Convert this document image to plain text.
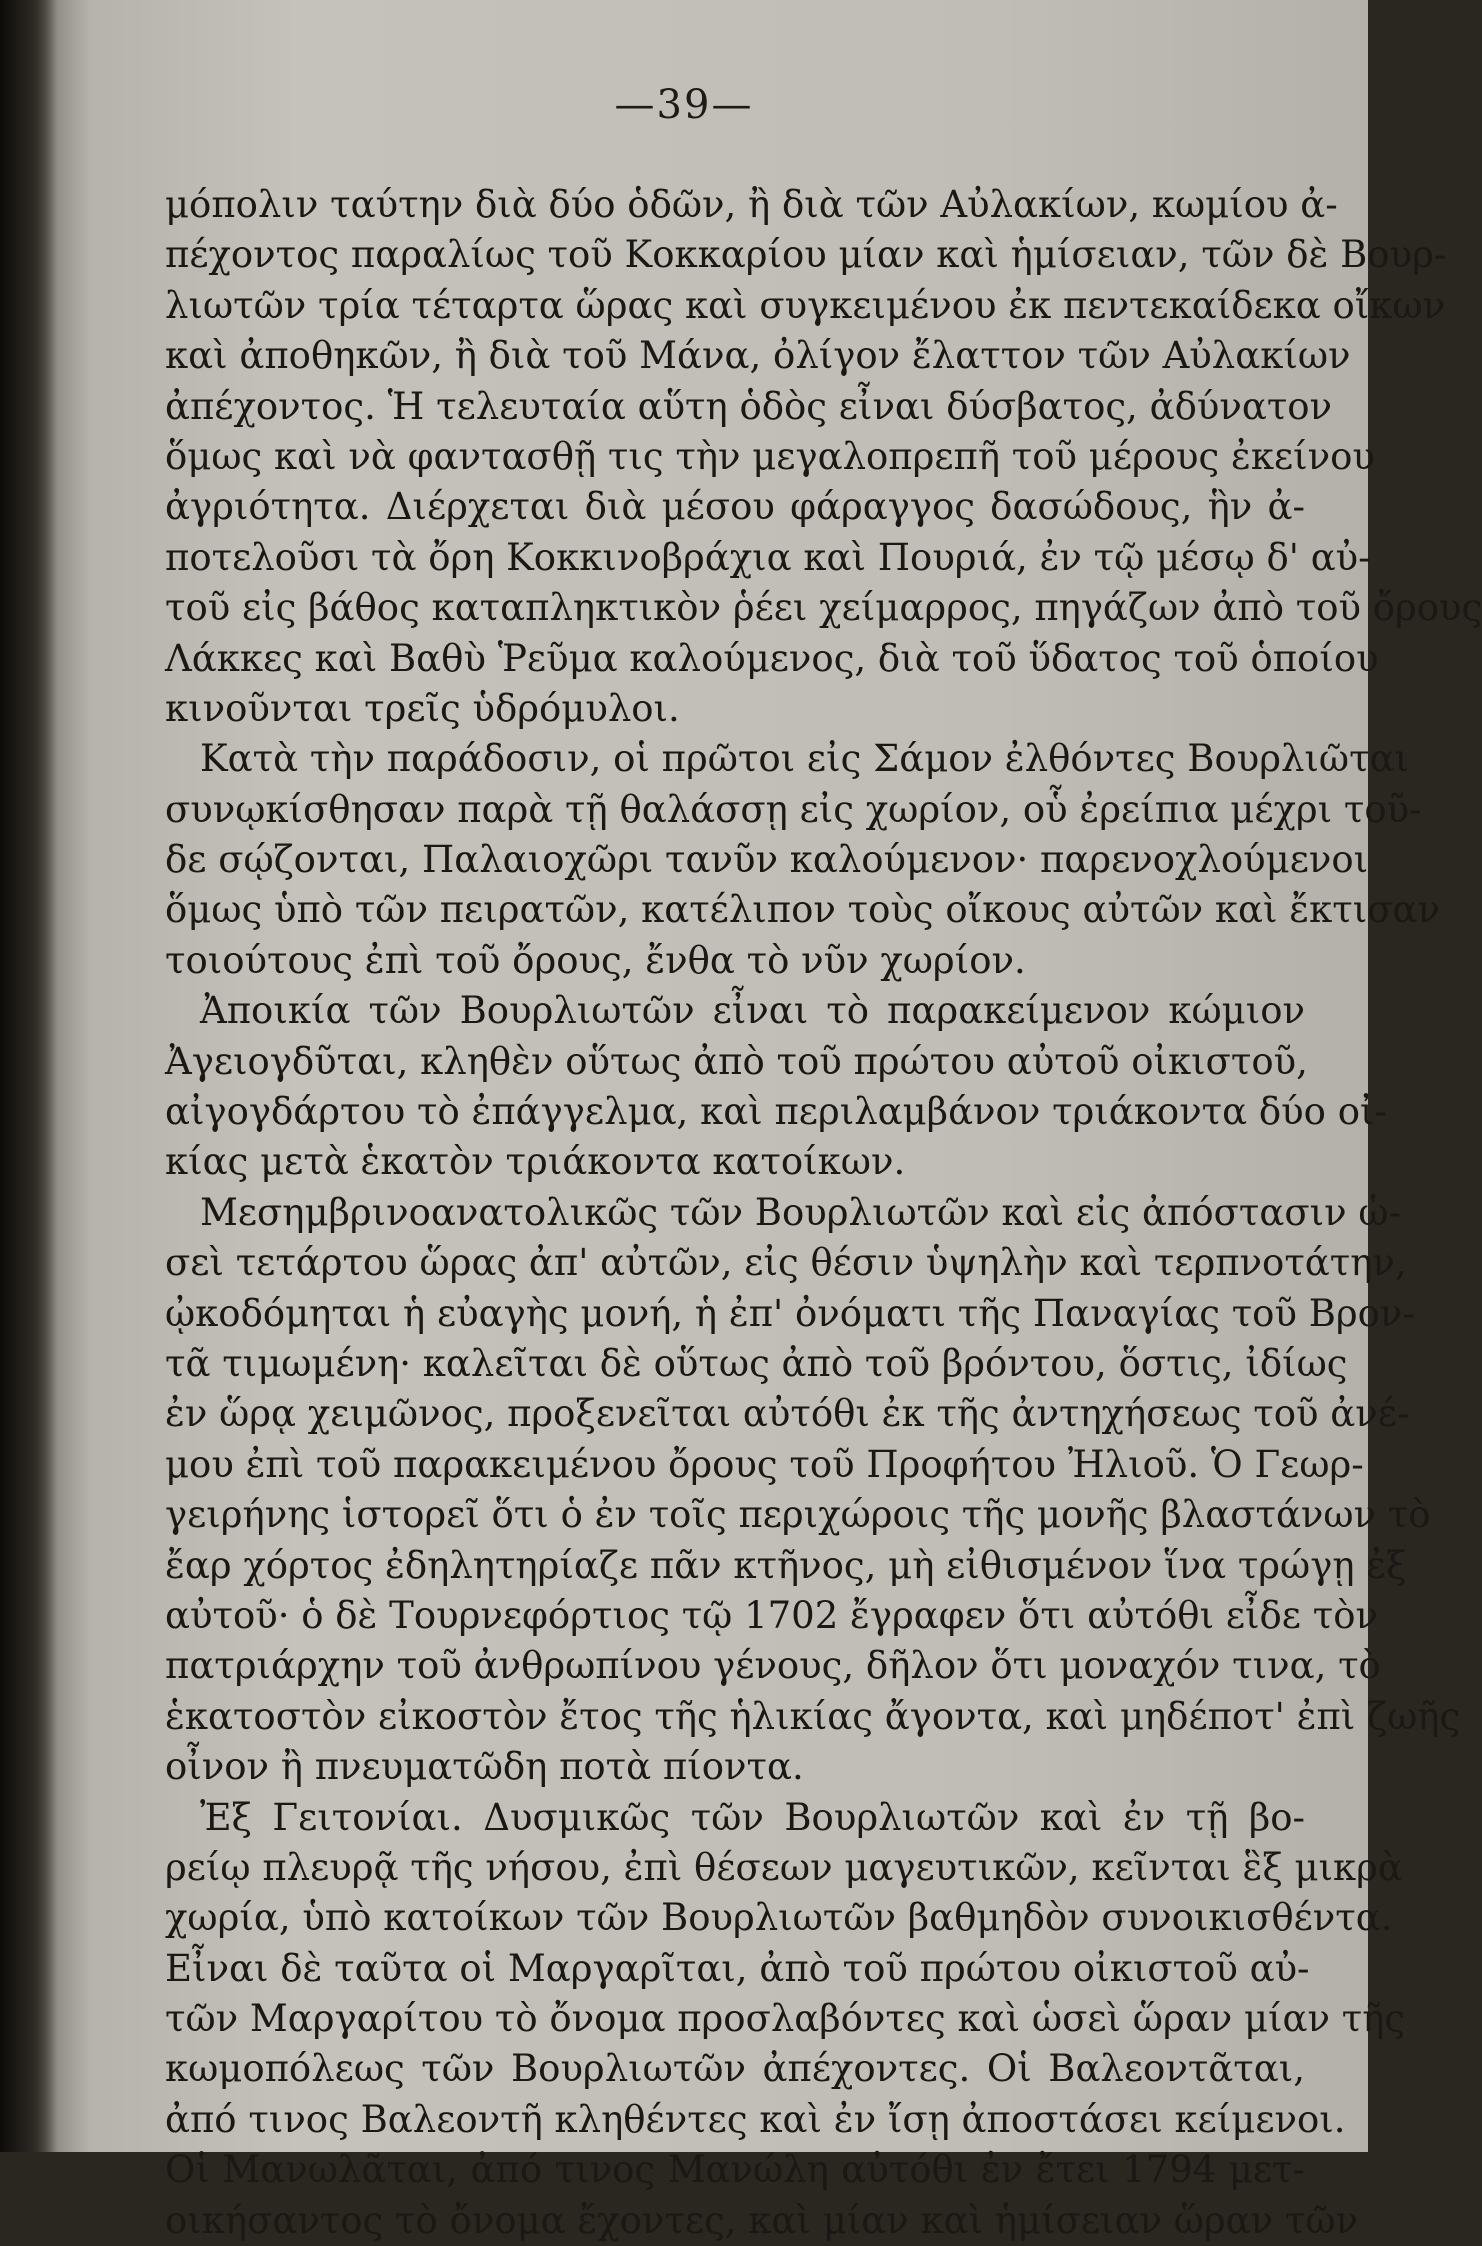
—39—
μόπολιν ταύτην διὰ δύο ὁδῶν, ἢ διὰ τῶν Αὐλακίων, κωμίου ἀ-
πέχοντος παραλίως τοῦ Κοκκαρίου μίαν καὶ ἡμίσειαν, τῶν δὲ Βουρ-
λιωτῶν τρία τέταρτα ὥρας καὶ συγκειμένου ἐκ πεντεκαίδεκα οἴκων
καὶ ἀποθηκῶν, ἢ διὰ τοῦ Μάνα, ὀλίγον ἔλαττον τῶν Αὐλακίων
ἀπέχοντος. Ἡ τελευταία αὕτη ὁδὸς εἶναι δύσβατος, ἀδύνατον
ὅμως καὶ νὰ φαντασθῇ τις τὴν μεγαλοπρεπῆ τοῦ μέρους ἐκείνου
ἀγριότητα. Διέρχεται διὰ μέσου φάραγγος δασώδους, ἣν ἀ-
ποτελοῦσι τὰ ὄρη Κοκκινοβράχια καὶ Πουριά, ἐν τῷ μέσῳ δ' αὐ-
τοῦ εἰς βάθος καταπληκτικὸν ῥέει χείμαρρος, πηγάζων ἀπὸ τοῦ ὄρους
Λάκκες καὶ Βαθὺ Ῥεῦμα καλούμενος, διὰ τοῦ ὕδατος τοῦ ὁποίου
κινοῦνται τρεῖς ὑδρόμυλοι.
Κατὰ τὴν παράδοσιν, οἱ πρῶτοι εἰς Σάμον ἐλθόντες Βουρλιῶται
συνῳκίσθησαν παρὰ τῇ θαλάσσῃ εἰς χωρίον, οὗ ἐρείπια μέχρι τοῦ-
δε σῴζονται, Παλαιοχῶρι τανῦν καλούμενον· παρενοχλούμενοι
ὅμως ὑπὸ τῶν πειρατῶν, κατέλιπον τοὺς οἴκους αὐτῶν καὶ ἔκτισαν
τοιούτους ἐπὶ τοῦ ὄρους, ἔνθα τὸ νῦν χωρίον.
Ἀποικία τῶν Βουρλιωτῶν εἶναι τὸ παρακείμενον κώμιον
Ἀγειογδῦται, κληθὲν οὕτως ἀπὸ τοῦ πρώτου αὐτοῦ οἰκιστοῦ,
αἰγογδάρτου τὸ ἐπάγγελμα, καὶ περιλαμβάνον τριάκοντα δύο οἰ-
κίας μετὰ ἑκατὸν τριάκοντα κατοίκων.
Μεσημβρινοανατολικῶς τῶν Βουρλιωτῶν καὶ εἰς ἀπόστασιν ὡ-
σεὶ τετάρτου ὥρας ἀπ' αὐτῶν, εἰς θέσιν ὑψηλὴν καὶ τερπνοτάτην,
ᾠκοδόμηται ἡ εὐαγὴς μονή, ἡ ἐπ' ὀνόματι τῆς Παναγίας τοῦ Βρον-
τᾶ τιμωμένη· καλεῖται δὲ οὕτως ἀπὸ τοῦ βρόντου, ὅστις, ἰδίως
ἐν ὥρᾳ χειμῶνος, προξενεῖται αὐτόθι ἐκ τῆς ἀντηχήσεως τοῦ ἀνέ-
μου ἐπὶ τοῦ παρακειμένου ὄρους τοῦ Προφήτου Ἠλιοῦ. Ὁ Γεωρ-
γειρήνης ἱστορεῖ ὅτι ὁ ἐν τοῖς περιχώροις τῆς μονῆς βλαστάνων τὸ
ἔαρ χόρτος ἐδηλητηρίαζε πᾶν κτῆνος, μὴ εἰθισμένον ἵνα τρώγῃ ἐξ
αὐτοῦ· ὁ δὲ Τουρνεφόρτιος τῷ 1702 ἔγραφεν ὅτι αὐτόθι εἶδε τὸν
πατριάρχην τοῦ ἀνθρωπίνου γένους, δῆλον ὅτι μοναχόν τινα, τὸ
ἑκατοστὸν εἰκοστὸν ἔτος τῆς ἡλικίας ἄγοντα, καὶ μηδέποτ' ἐπὶ ζωῆς
οἶνον ἢ πνευματῶδη ποτὰ πίοντα.
Ἐξ Γειτονίαι. Δυσμικῶς τῶν Βουρλιωτῶν καὶ ἐν τῇ βο-
ρείῳ πλευρᾷ τῆς νήσου, ἐπὶ θέσεων μαγευτικῶν, κεῖνται ἓξ μικρὰ
χωρία, ὑπὸ κατοίκων τῶν Βουρλιωτῶν βαθμηδὸν συνοικισθέντα.
Εἶναι δὲ ταῦτα οἱ Μαργαρῖται, ἀπὸ τοῦ πρώτου οἰκιστοῦ αὐ-
τῶν Μαργαρίτου τὸ ὄνομα προσλαβόντες καὶ ὡσεὶ ὥραν μίαν τῆς
κωμοπόλεως τῶν Βουρλιωτῶν ἀπέχοντες. Οἱ Βαλεοντᾶται,
ἀπό τινος Βαλεοντῆ κληθέντες καὶ ἐν ἴσῃ ἀποστάσει κείμενοι.
Οἱ Μανωλᾶται, ἀπό τινος Μανώλη αὐτόθι ἐν ἔτει 1794 μετ-
οικήσαντος τὸ ὄνομα ἔχοντες, καὶ μίαν καὶ ἡμίσειαν ὥραν τῶν
